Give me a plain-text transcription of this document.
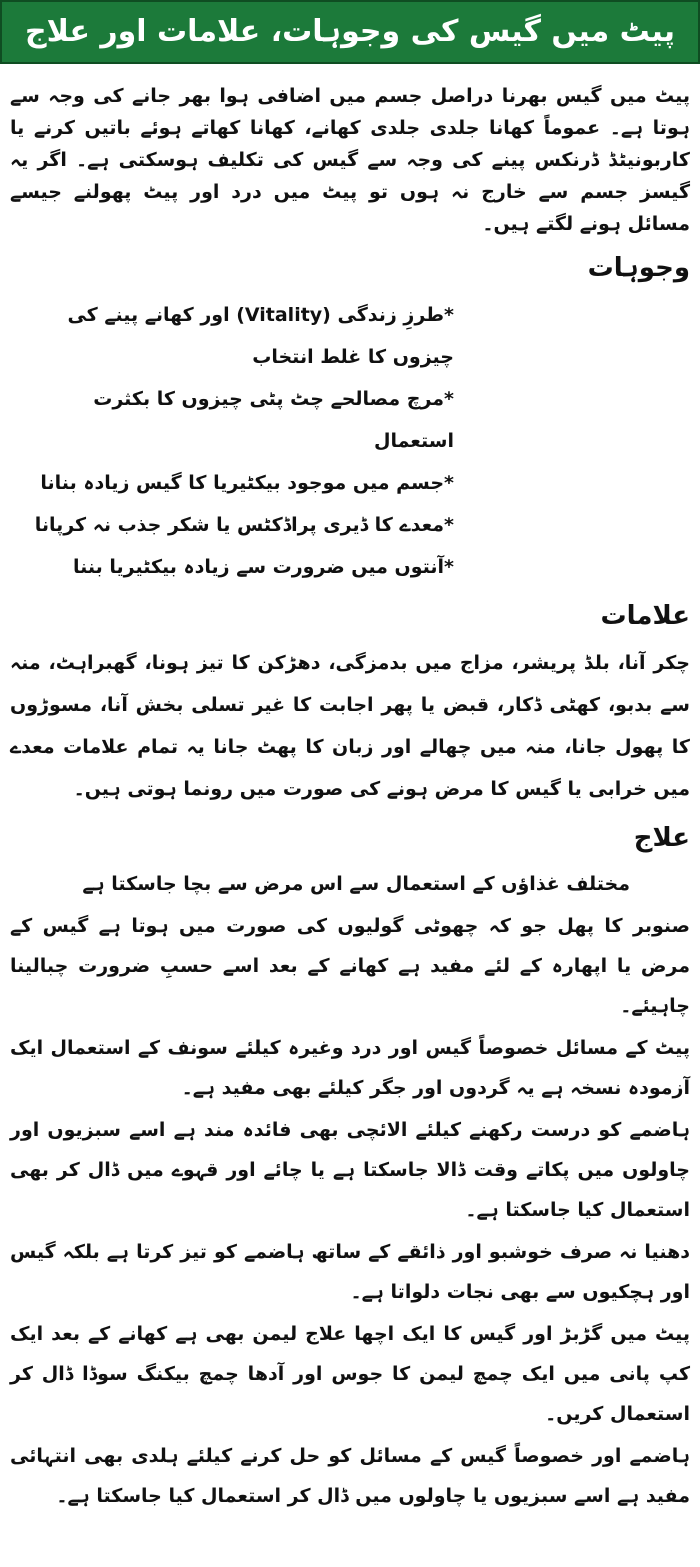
پیٹ میں گیس کی وجوہات، علامات اور علاج

پیٹ میں گیس بھرنا دراصل جسم میں اضافی ہوا بھر جانے کی وجہ سے ہوتا ہے۔ عموماً کھانا جلدی جلدی کھانے، کھانا کھاتے ہوئے باتیں کرنے یا کاربونیٹڈ ڈرنکس پینے کی وجہ سے گیس کی تکلیف ہوسکتی ہے۔ اگر یہ گیسز جسم سے خارج نہ ہوں تو پیٹ میں درد اور پیٹ پھولنے جیسے مسائل ہونے لگتے ہیں۔

وجوہات
*طرزِ زندگی (Vitality) اور کھانے پینے کی چیزوں کا غلط انتخاب
*مرچ مصالحے چٹ پٹی چیزوں کا بکثرت استعمال
*جسم میں موجود بیکٹیریا کا گیس زیادہ بنانا
*معدے کا ڈیری پراڈکٹس یا شکر جذب نہ کرپانا
*آنتوں میں ضرورت سے زیادہ بیکٹیریا بننا
علامات

چکر آنا، بلڈ پریشر، مزاج میں بدمزگی، دھڑکن کا تیز ہونا، گھبراہٹ، منہ سے بدبو، کھٹی ڈکار، قبض یا پھر اجابت کا غیر تسلی بخش آنا، مسوڑوں کا پھول جانا، منہ میں چھالے اور زبان کا پھٹ جانا یہ تمام علامات معدے میں خرابی یا گیس کا مرض ہونے کی صورت میں رونما ہوتی ہیں۔

علاج

مختلف غذاؤں کے استعمال سے اس مرض سے بچا جاسکتا ہے

صنوبر کا پھل جو کہ چھوٹی گولیوں کی صورت میں ہوتا ہے گیس کے مرض یا اپھارہ کے لئے مفید ہے کھانے کے بعد اسے حسبِ ضرورت چبالینا چاہیئے۔

پیٹ کے مسائل خصوصاً گیس اور درد وغیرہ کیلئے سونف کے استعمال ایک آزمودہ نسخہ ہے یہ گردوں اور جگر کیلئے بھی مفید ہے۔

ہاضمے کو درست رکھنے کیلئے الائچی بھی فائدہ مند ہے اسے سبزیوں اور چاولوں میں پکاتے وقت ڈالا جاسکتا ہے یا چائے اور قہوے میں ڈال کر بھی استعمال کیا جاسکتا ہے۔

دھنیا نہ صرف خوشبو اور ذائقے کے ساتھ ہاضمے کو تیز کرتا ہے بلکہ گیس اور ہچکیوں سے بھی نجات دلواتا ہے۔

پیٹ میں گڑبڑ اور گیس کا ایک اچھا علاج لیمن بھی ہے کھانے کے بعد ایک کپ پانی میں ایک چمچ لیمن کا جوس اور آدھا چمچ بیکنگ سوڈا ڈال کر استعمال کریں۔

ہاضمے اور خصوصاً گیس کے مسائل کو حل کرنے کیلئے ہلدی بھی انتہائی مفید ہے اسے سبزیوں یا چاولوں میں ڈال کر استعمال کیا جاسکتا ہے۔
